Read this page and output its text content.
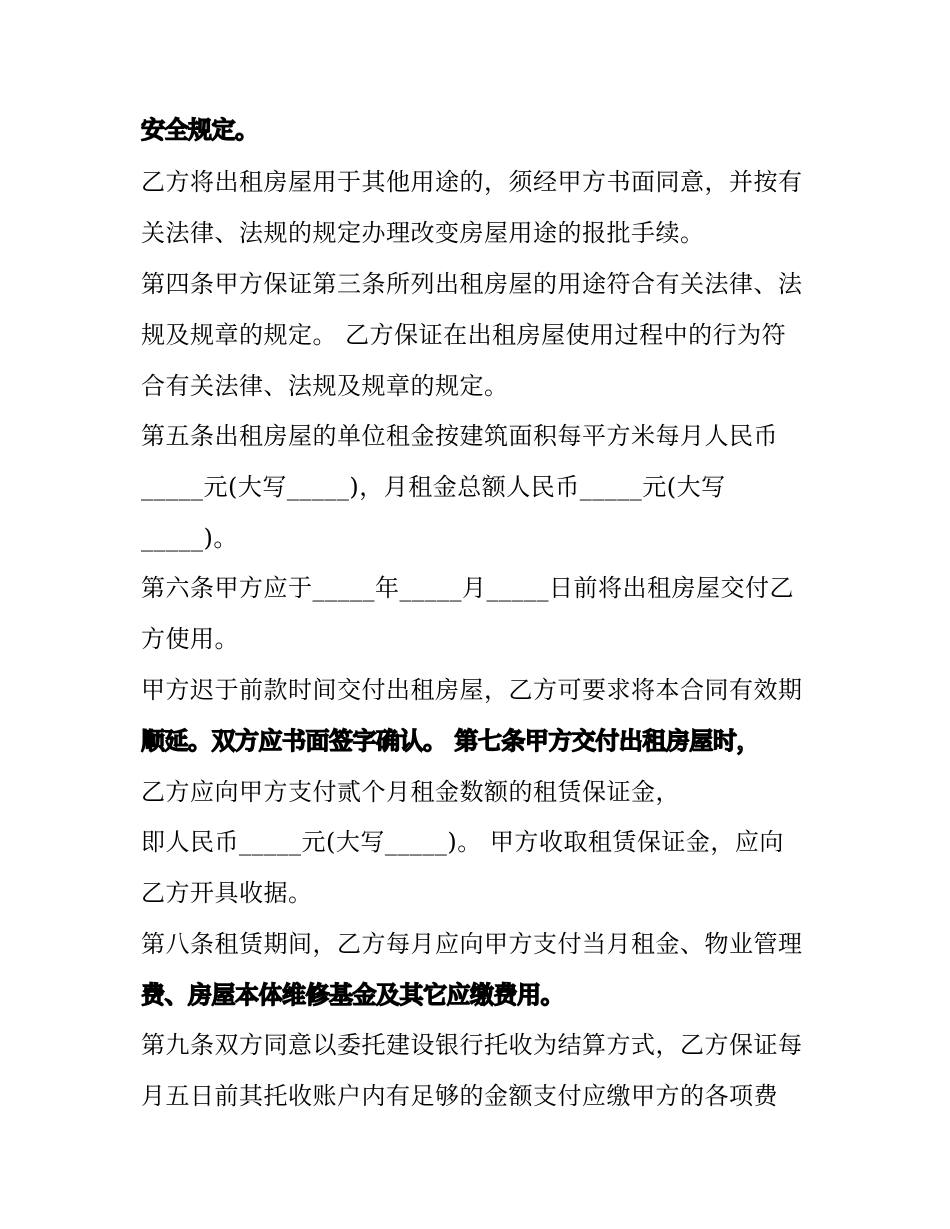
安全规定。
乙方将出租房屋用于其他用途的，须经甲方书面同意，并按有
关法律、法规的规定办理改变房屋用途的报批手续。
第四条甲方保证第三条所列出租房屋的用途符合有关法律、法
规及规章的规定。 乙方保证在出租房屋使用过程中的行为符
合有关法律、法规及规章的规定。
第五条出租房屋的单位租金按建筑面积每平方米每月人民币
_____元(大写_____)，月租金总额人民币_____元(大写
_____)。
第六条甲方应于_____年_____月_____日前将出租房屋交付乙
方使用。
甲方迟于前款时间交付出租房屋，乙方可要求将本合同有效期
顺延。双方应书面签字确认。 第七条甲方交付出租房屋时，
乙方应向甲方支付贰个月租金数额的租赁保证金，
即人民币_____元(大写_____)。 甲方收取租赁保证金，应向
乙方开具收据。
第八条租赁期间，乙方每月应向甲方支付当月租金、物业管理
费、房屋本体维修基金及其它应缴费用。
第九条双方同意以委托建设银行托收为结算方式，乙方保证每
月五日前其托收账户内有足够的金额支付应缴甲方的各项费
